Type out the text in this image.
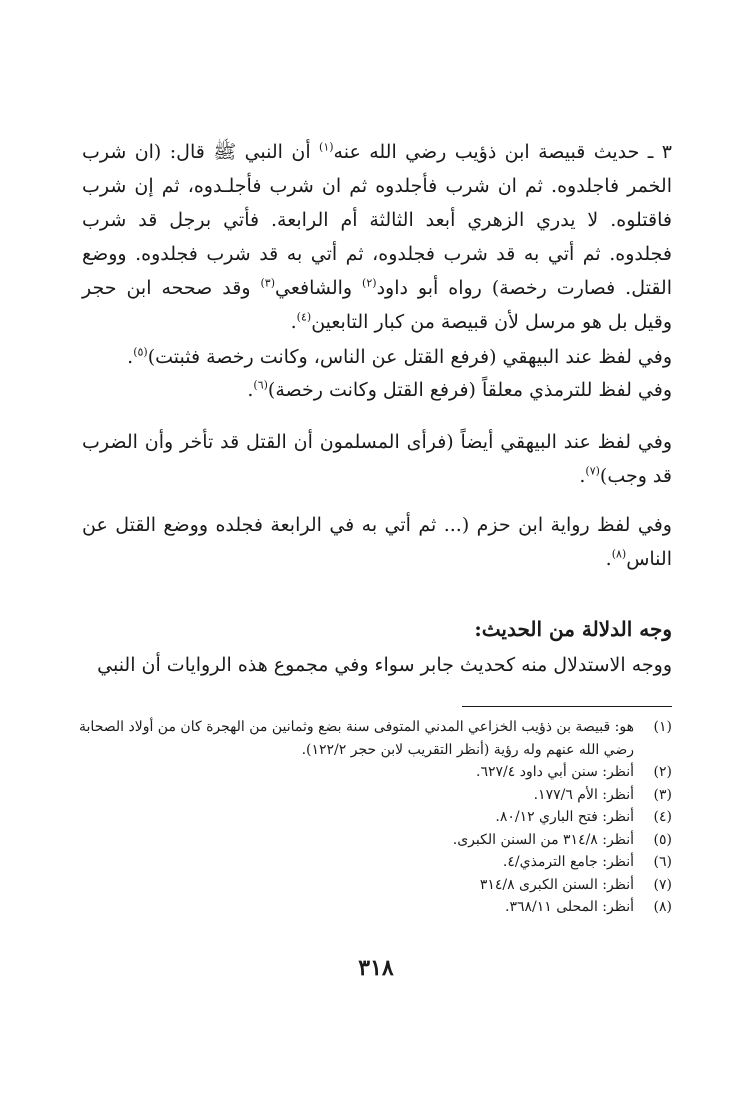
٣ ـ حديث قبيصة ابن ذؤيب رضي الله عنه$^{(١)}$ أن النبي ﷺ قال: (ان شرب الخمر فاجلدوه. ثم ان شرب فأجلدوه ثم ان شرب فأجلـدوه، ثم إن شرب فاقتلوه. لا يدري الزهري أبعد الثالثة أم الرابعة. فأتي برجل قد شرب فجلدوه. ثم أتي به قد شرب فجلدوه، ثم أتي به قد شرب فجلدوه. ووضع القتل. فصارت رخصة) رواه أبو داود$^{(٢)}$ والشافعي$^{(٣)}$ وقد صححه ابن حجر وقيل بل هو مرسل لأن قبيصة من كبار التابعين$^{(٤)}$.

وفي لفظ عند البيهقي (فرفع القتل عن الناس، وكانت رخصة فثبتت)$^{(٥)}$.

وفي لفظ للترمذي معلقاً (فرفع القتل وكانت رخصة)$^{(٦)}$.

وفي لفظ عند البيهقي أيضاً (فرأى المسلمون أن القتل قد تأخر وأن الضرب قد وجب)$^{(٧)}$.

وفي لفظ رواية ابن حزم (... ثم أتي به في الرابعة فجلده ووضع القتل عن الناس$^{(٨)}$.

وجه الدلالة من الحديث:

ووجه الاستدلال منه كحديث جابر سواء وفي مجموع هذه الروايات أن النبي

(١)
هو: قبيصة بن ذؤيب الخزاعي المدني المتوفى سنة بضع وثمانين من الهجرة كان من أولاد الصحابة رضي الله عنهم وله رؤية (أنظر التقريب لابن حجر ١٢٢/٢).
(٢)
أنظر: سنن أبي داود ٦٢٧/٤.
(٣)
أنظر: الأم ١٧٧/٦.
(٤)
أنظر: فتح الباري ٨٠/١٢.
(٥)
أنظر: ٣١٤/٨ من السنن الكبرى.
(٦)
أنظر: جامع الترمذي/٤.
(٧)
أنظر: السنن الكبرى ٣١٤/٨
(٨)
أنظر: المحلى ٣٦٨/١١.
٣١٨
